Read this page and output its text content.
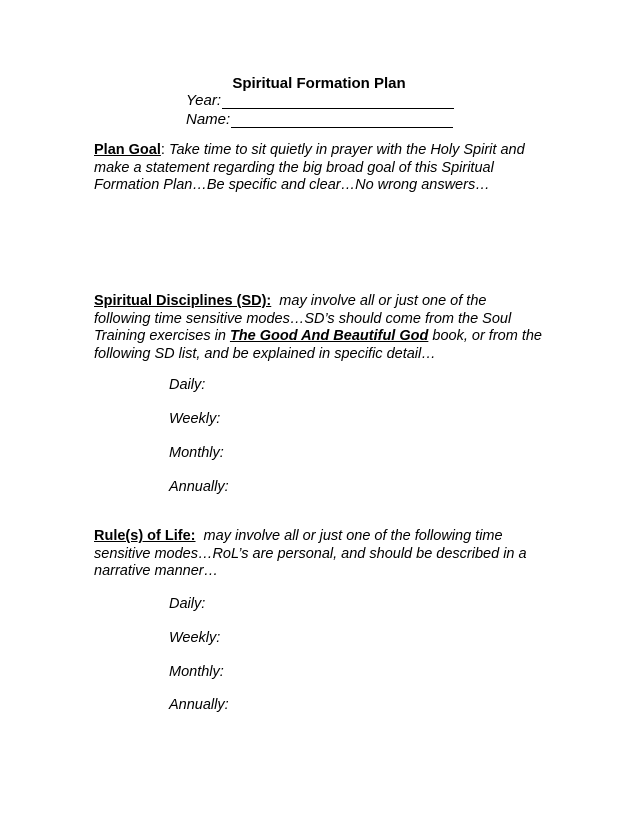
Spiritual Formation Plan
Year:
Name:
Plan Goal: Take time to sit quietly in prayer with the Holy Spirit and make a statement regarding the big broad goal of this Spiritual Formation Plan…Be specific and clear…No wrong answers…
Spiritual Disciplines (SD):  may involve all or just one of the following time sensitive modes…SD’s should come from the Soul Training exercises in The Good And Beautiful God book, or from the following SD list, and be explained in specific detail…
Daily:
Weekly:
Monthly:
Annually:
Rule(s) of Life:  may involve all or just one of the following time sensitive modes…RoL’s are personal, and should be described in a narrative manner…
Daily:
Weekly:
Monthly:
Annually:
